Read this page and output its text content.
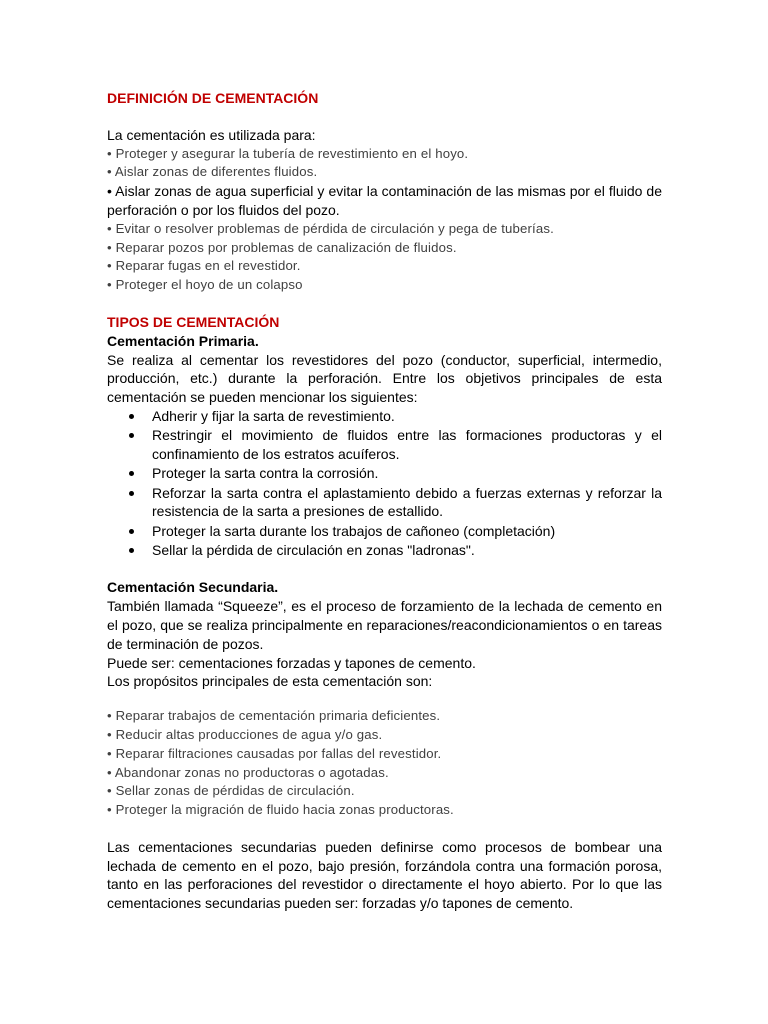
DEFINICIÓN DE CEMENTACIÓN

La cementación es utilizada para:

• Proteger y asegurar la tubería de revestimiento en el hoyo.
• Aislar zonas de diferentes fluidos.
• Aislar zonas de agua superficial y evitar la contaminación de las mismas por el fluido de perforación o por los fluidos del pozo.
• Evitar o resolver problemas de pérdida de circulación y pega de tuberías.
• Reparar pozos por problemas de canalización de fluidos.
• Reparar fugas en el revestidor.
• Proteger el hoyo de un colapso

TIPOS DE CEMENTACIÓN

Cementación Primaria.

Se realiza al cementar los revestidores del pozo (conductor, superficial, intermedio, producción, etc.) durante la perforación. Entre los objetivos principales de esta cementación se pueden mencionar los siguientes:

Adherir y fijar la sarta de revestimiento.
Restringir el movimiento de fluidos entre las formaciones productoras y el confinamiento de los estratos acuíferos.
Proteger la sarta contra la corrosión.
Reforzar la sarta contra el aplastamiento debido a fuerzas externas y reforzar la resistencia de la sarta a presiones de estallido.
Proteger la sarta durante los trabajos de cañoneo (completación)
Sellar la pérdida de circulación en zonas "ladronas".

Cementación Secundaria.

También llamada “Squeeze”, es el proceso de forzamiento de la lechada de cemento en el pozo, que se realiza principalmente en reparaciones/reacondicionamientos o en tareas de terminación de pozos.

Puede ser: cementaciones forzadas y tapones de cemento.

Los propósitos principales de esta cementación son:

• Reparar trabajos de cementación primaria deficientes.
• Reducir altas producciones de agua y/o gas.
• Reparar filtraciones causadas por fallas del revestidor.
• Abandonar zonas no productoras o agotadas.
• Sellar zonas de pérdidas de circulación.
• Proteger la migración de fluido hacia zonas productoras.

Las cementaciones secundarias pueden definirse como procesos de bombear una lechada de cemento en el pozo, bajo presión, forzándola contra una formación porosa, tanto en las perforaciones del revestidor o directamente el hoyo abierto. Por lo que las cementaciones secundarias pueden ser: forzadas y/o tapones de cemento.
